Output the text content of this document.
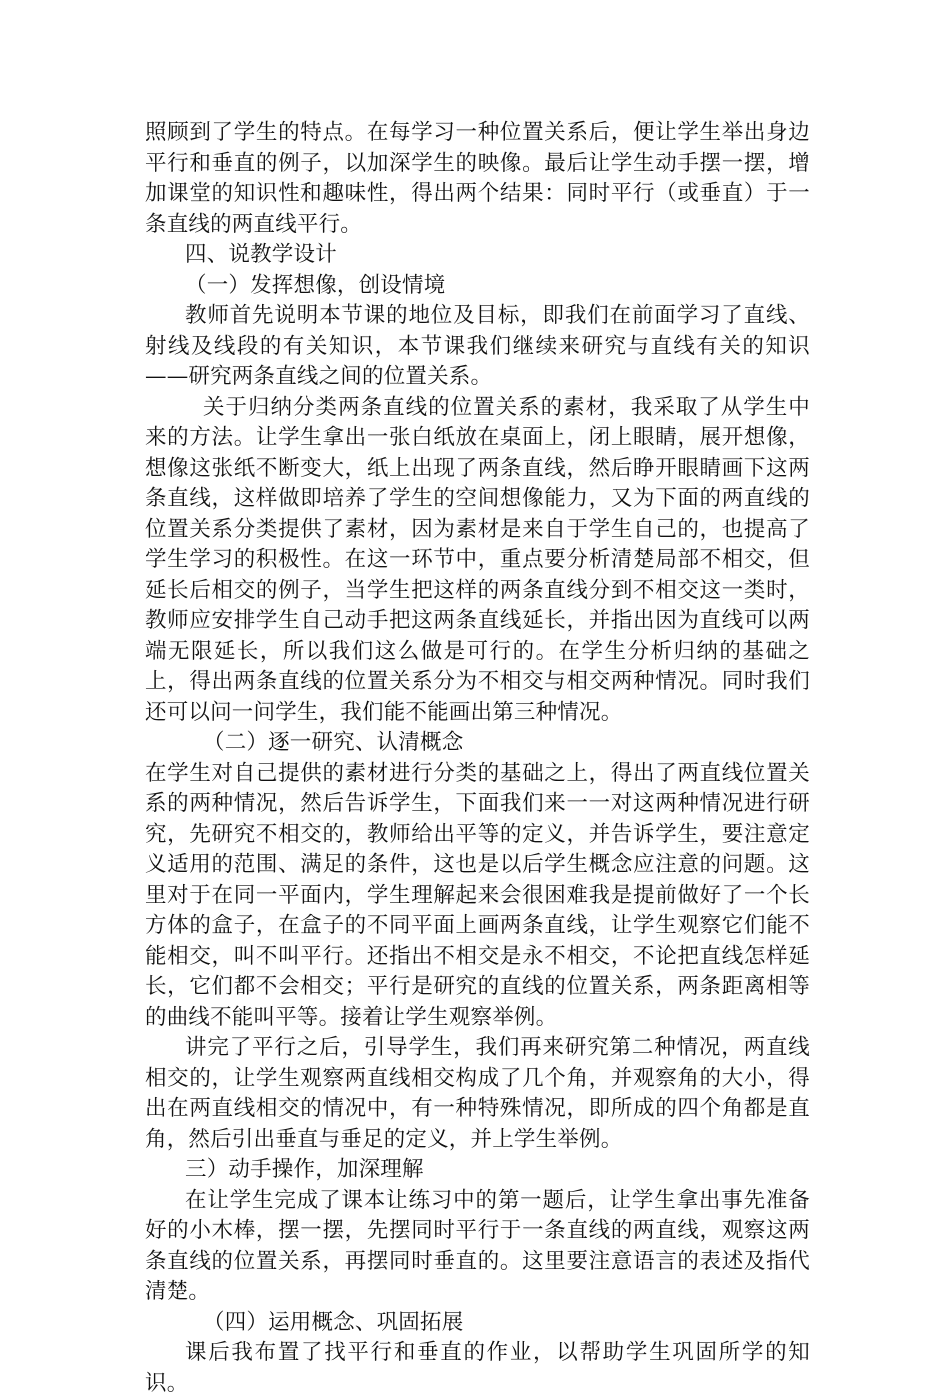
照顾到了学生的特点。在每学习一种位置关系后，便让学生举出身边平行和垂直的例子，以加深学生的映像。最后让学生动手摆一摆，增加课堂的知识性和趣味性，得出两个结果：同时平行（或垂直）于一条直线的两直线平行。

四、说教学设计

（一）发挥想像，创设情境

教师首先说明本节课的地位及目标，即我们在前面学习了直线、射线及线段的有关知识，本节课我们继续来研究与直线有关的知识——研究两条直线之间的位置关系。

关于归纳分类两条直线的位置关系的素材，我采取了从学生中来的方法。让学生拿出一张白纸放在桌面上，闭上眼睛，展开想像，想像这张纸不断变大，纸上出现了两条直线，然后睁开眼睛画下这两条直线，这样做即培养了学生的空间想像能力，又为下面的两直线的位置关系分类提供了素材，因为素材是来自于学生自己的，也提高了学生学习的积极性。在这一环节中，重点要分析清楚局部不相交，但延长后相交的例子，当学生把这样的两条直线分到不相交这一类时，教师应安排学生自己动手把这两条直线延长，并指出因为直线可以两端无限延长，所以我们这么做是可行的。在学生分析归纳的基础之上，得出两条直线的位置关系分为不相交与相交两种情况。同时我们还可以问一问学生，我们能不能画出第三种情况。

（二）逐一研究、认清概念

在学生对自己提供的素材进行分类的基础之上，得出了两直线位置关系的两种情况，然后告诉学生，下面我们来一一对这两种情况进行研究，先研究不相交的，教师给出平等的定义，并告诉学生，要注意定义适用的范围、满足的条件，这也是以后学生概念应注意的问题。这里对于在同一平面内，学生理解起来会很困难我是提前做好了一个长方体的盒子，在盒子的不同平面上画两条直线，让学生观察它们能不能相交，叫不叫平行。还指出不相交是永不相交，不论把直线怎样延长，它们都不会相交；平行是研究的直线的位置关系，两条距离相等的曲线不能叫平等。接着让学生观察举例。

讲完了平行之后，引导学生，我们再来研究第二种情况，两直线相交的，让学生观察两直线相交构成了几个角，并观察角的大小，得出在两直线相交的情况中，有一种特殊情况，即所成的四个角都是直角，然后引出垂直与垂足的定义，并上学生举例。

三）动手操作，加深理解

在让学生完成了课本让练习中的第一题后，让学生拿出事先准备好的小木棒，摆一摆，先摆同时平行于一条直线的两直线，观察这两条直线的位置关系，再摆同时垂直的。这里要注意语言的表述及指代清楚。

（四）运用概念、巩固拓展

课后我布置了找平行和垂直的作业，以帮助学生巩固所学的知识。
